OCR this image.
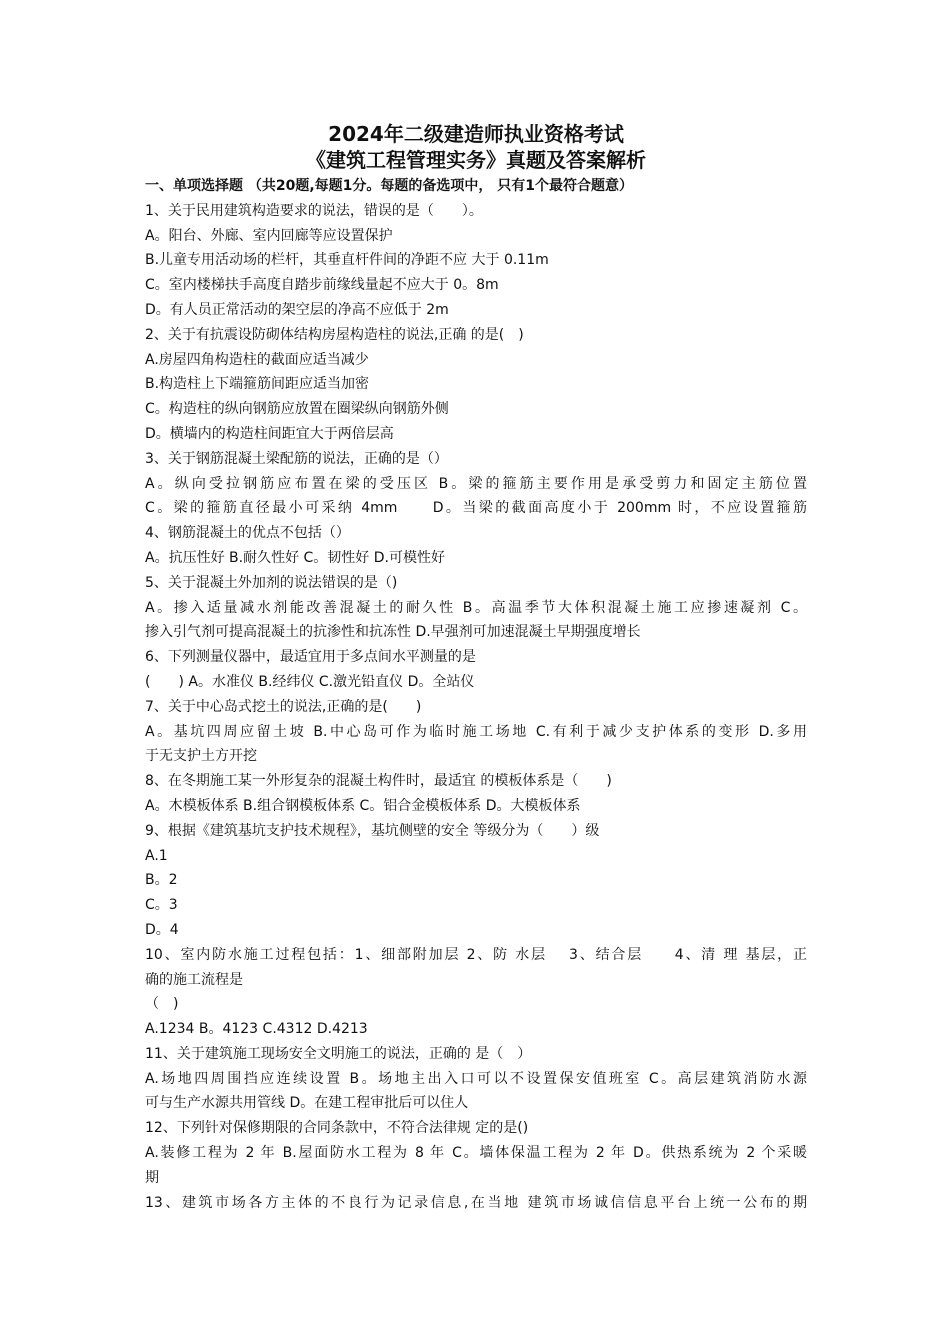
2024年二级建造师执业资格考试
《建筑工程管理实务》真题及答案解析
一、单项选择题 （共20题,每题1分。每题的备选项中， 只有1个最符合题意）
1、关于民用建筑构造要求的说法，错误的是（　　）。
A。阳台、外廊、室内回廊等应设置保护
B.儿童专用活动场的栏杆，其垂直杆件间的净距不应 大于 0.11m
C。室内楼梯扶手高度自踏步前缘线量起不应大于 0。8m
D。有人员正常活动的架空层的净高不应低于 2m
2、关于有抗震设防砌体结构房屋构造柱的说法,正确 的是(　)
A.房屋四角构造柱的截面应适当减少
B.构造柱上下端箍筋间距应适当加密
C。构造柱的纵向钢筋应放置在圈梁纵向钢筋外侧
D。横墙内的构造柱间距宜大于两倍层高
3、关于钢筋混凝土梁配筋的说法，正确的是（）
A。纵向受拉钢筋应布置在梁的受压区 B。梁的箍筋主要作用是承受剪力和固定主筋位置
C。梁的箍筋直径最小可采纳 4mm　　D。当梁的截面高度小于 200mm 时，不应设置箍筋
4、钢筋混凝土的优点不包括（）
A。抗压性好 B.耐久性好 C。韧性好 D.可模性好
5、关于混凝土外加剂的说法错误的是（)
A。掺入适量减水剂能改善混凝土的耐久性 B。高温季节大体积混凝土施工应掺速凝剂 C。
掺入引气剂可提高混凝土的抗渗性和抗冻性 D.早强剂可加速混凝土早期强度增长
6、下列测量仪器中，最适宜用于多点间水平测量的是
(　　) A。水准仪 B.经纬仪 C.激光铅直仪 D。全站仪
7、关于中心岛式挖土的说法,正确的是(　　)
A。基坑四周应留土坡 B.中心岛可作为临时施工场地 C.有利于减少支护体系的变形 D.多用
于无支护土方开挖
8、在冬期施工某一外形复杂的混凝土构件时，最适宜 的模板体系是（　　)
A。木模板体系 B.组合钢模板体系 C。铝合金模板体系 D。大模板体系
9、根据《建筑基坑支护技术规程》，基坑侧壁的安全 等级分为（　　）级
A.1
B。2
C。3
D。4
10、室内防水施工过程包括：1、细部附加层 2、防 水层　 3、结合层　　4、清 理 基层，正
确的施工流程是
（　)
A.1234 B。4123 C.4312 D.4213
11、关于建筑施工现场安全文明施工的说法，正确的 是（　）
A.场地四周围挡应连续设置 B。场地主出入口可以不设置保安值班室 C。高层建筑消防水源
可与生产水源共用管线 D。在建工程审批后可以住人
12、下列针对保修期限的合同条款中，不符合法律规 定的是()
A.装修工程为 2 年 B.屋面防水工程为 8 年 C。墙体保温工程为 2 年 D。供热系统为 2 个采暖
期
13、建筑市场各方主体的不良行为记录信息,在当地 建筑市场诚信信息平台上统一公布的期
